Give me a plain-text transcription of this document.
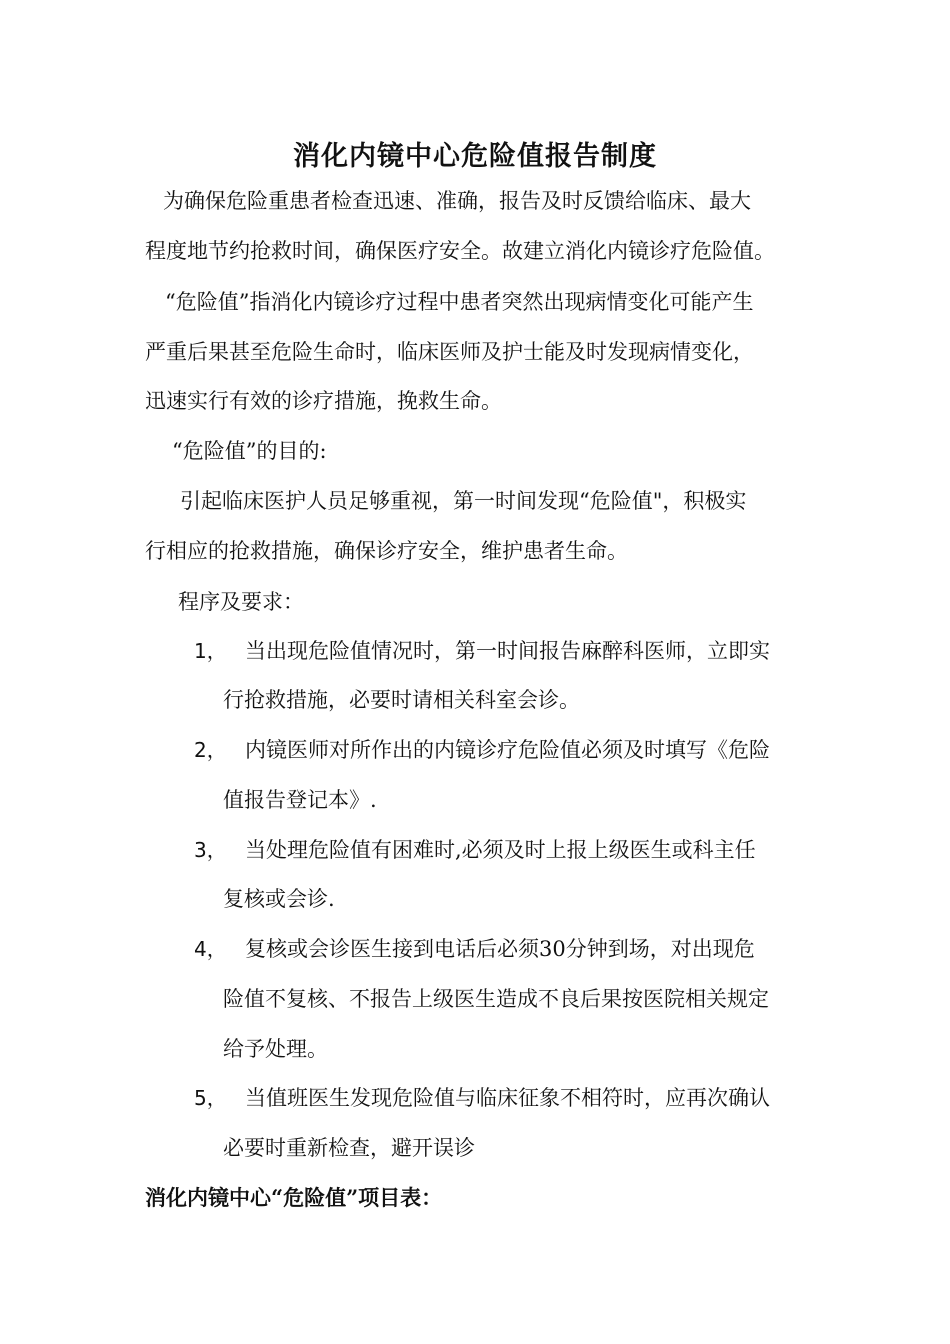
消化内镜中心危险值报告制度
为确保危险重患者检查迅速、准确，报告及时反馈给临床、最大
程度地节约抢救时间，确保医疗安全。故建立消化内镜诊疗危险值。
“危险值”指消化内镜诊疗过程中患者突然出现病情变化可能产生
严重后果甚至危险生命时，临床医师及护士能及时发现病情变化，
迅速实行有效的诊疗措施，挽救生命。
“危险值”的目的:
引起临床医护人员足够重视，第一时间发现“危险值"，积极实
行相应的抢救措施，确保诊疗安全，维护患者生命。
程序及要求：
1， 当出现危险值情况时，第一时间报告麻醉科医师，立即实
行抢救措施，必要时请相关科室会诊。
2， 内镜医师对所作出的内镜诊疗危险值必须及时填写《危险
值报告登记本》.
3， 当处理危险值有困难时,必须及时上报上级医生或科主任
复核或会诊.
4， 复核或会诊医生接到电话后必须30分钟到场，对出现危
险值不复核、不报告上级医生造成不良后果按医院相关规定
给予处理。
5， 当值班医生发现危险值与临床征象不相符时，应再次确认
必要时重新检查，避开误诊
消化内镜中心“危险值”项目表：
